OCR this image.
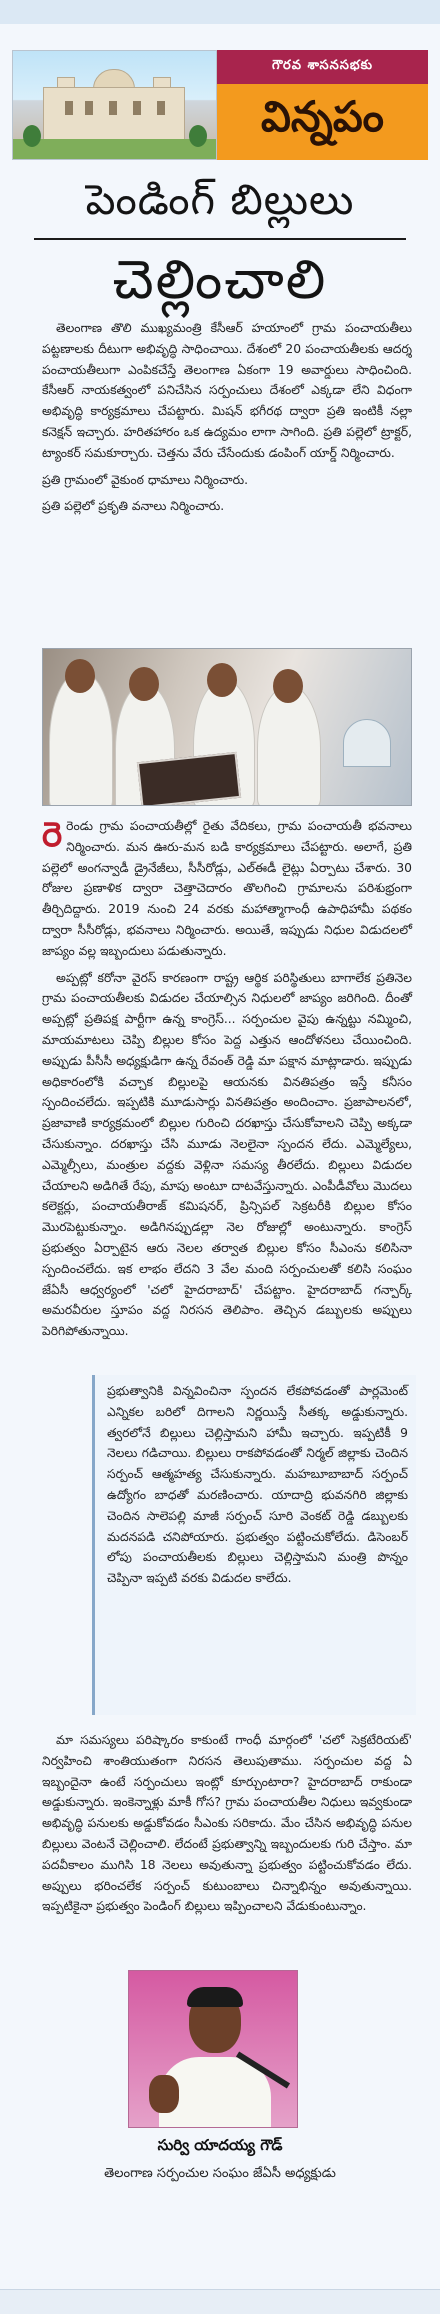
గౌరవ శాసనసభకు
విన్నపం
పెండింగ్ బిల్లులు
చెల్లించాలి

తెలంగాణ తొలి ముఖ్యమంత్రి కేసీఆర్ హయాంలో గ్రామ పంచాయతీలు పట్టణాలకు దీటుగా అభివృద్ధి సాధించాయి. దేశంలో 20 పంచాయతీలకు ఆదర్శ పంచాయతీలుగా ఎంపికచేస్తే తెలంగాణ ఏకంగా 19 అవార్డులు సాధించింది. కేసీఆర్ నాయకత్వంలో పనిచేసిన సర్పంచులు దేశంలో ఎక్కడా లేని విధంగా అభివృద్ధి కార్యక్రమాలు చేపట్టారు. మిషన్ భగీరథ ద్వారా ప్రతి ఇంటికీ నల్లా కనెక్షన్ ఇచ్చారు. హరితహారం ఒక ఉద్యమం లాగా సాగింది. ప్రతి పల్లెలో ట్రాక్టర్, ట్యాంకర్ సమకూర్చారు. చెత్తను వేరు చేసేందుకు డంపింగ్ యార్డ్ నిర్మించారు.

ప్రతి గ్రామంలో వైకుంఠ ధామాలు నిర్మించారు.

ప్రతి పల్లెలో ప్రకృతి వనాలు నిర్మించారు.

రెరెండు గ్రామ పంచాయతీల్లో రైతు వేదికలు, గ్రామ పంచాయతీ భవనాలు నిర్మించారు. మన ఊరు-మన బడి కార్యక్రమాలు చేపట్టారు. అలాగే, ప్రతి పల్లెలో అంగన్వాడీ డ్రైనేజీలు, సీసీరోడ్లు, ఎల్ఈడీ లైట్లు ఏర్పాటు చేశారు. 30 రోజుల ప్రణాళిక ద్వారా చెత్తాచెదారం తొలగించి గ్రామాలను పరిశుభ్రంగా తీర్చిదిద్దారు. 2019 నుంచి 24 వరకు మహాత్మాగాంధీ ఉపాధిహామీ పథకం ద్వారా సీసీరోడ్లు, భవనాలు నిర్మించారు. అయితే, ఇప్పుడు నిధుల విడుదలలో జాప్యం వల్ల ఇబ్బందులు పడుతున్నారు.

అప్పట్లో కరోనా వైరస్ కారణంగా రాష్ట్ర ఆర్థిక పరిస్థితులు బాగాలేక ప్రతినెల గ్రామ పంచాయతీలకు విడుదల చేయాల్సిన నిధులలో జాప్యం జరిగింది. దీంతో అప్పట్లో ప్రతిపక్ష పార్టీగా ఉన్న కాంగ్రెస్... సర్పంచుల వైపు ఉన్నట్టు నమ్మించి, మాయమాటలు చెప్పి బిల్లుల కోసం పెద్ద ఎత్తున ఆందోళనలు చేయించింది. అప్పుడు పీసీసీ అధ్యక్షుడిగా ఉన్న రేవంత్ రెడ్డి మా పక్షాన మాట్లాడారు. ఇప్పుడు అధికారంలోకి వచ్చాక బిల్లులపై ఆయనకు వినతిపత్రం ఇస్తే కనీసం స్పందించలేదు. ఇప్పటికి మూడుసార్లు వినతిపత్రం అందించాం. ప్రజాపాలనలో, ప్రజావాణి కార్యక్రమంలో బిల్లుల గురించి దరఖాస్తు చేసుకోవాలని చెప్పి అక్కడా చేసుకున్నాం. దరఖాస్తు చేసి మూడు నెలలైనా స్పందన లేదు. ఎమ్మెల్యేలు, ఎమ్మెల్సీలు, మంత్రుల వద్దకు వెళ్లినా సమస్య తీరలేదు. బిల్లులు విడుదల చేయాలని అడిగితే రేపు, మాపు అంటూ దాటవేస్తున్నారు. ఎంపీడీవోలు మొదలు కలెక్టర్లు, పంచాయతీరాజ్ కమిషనర్, ప్రిన్సిపల్ సెక్రటరీకి బిల్లుల కోసం మొరపెట్టుకున్నాం. అడిగినప్పుడల్లా నెల రోజుల్లో అంటున్నారు. కాంగ్రెస్ ప్రభుత్వం ఏర్పాటైన ఆరు నెలల తర్వాత బిల్లుల కోసం సీఎంను కలిసినా స్పందించలేదు. ఇక లాభం లేదని 3 వేల మంది సర్పంచులతో కలిసి సంఘం జేఏసీ ఆధ్వర్యంలో 'చలో హైదరాబాద్' చేపట్టాం. హైదరాబాద్ గన్పార్క్ అమరవీరుల స్తూపం వద్ద నిరసన తెలిపాం. తెచ్చిన డబ్బులకు అప్పులు పెరిగిపోతున్నాయి.

ప్రభుత్వానికి విన్నవించినా స్పందన లేకపోవడంతో పార్లమెంట్ ఎన్నికల బరిలో దిగాలని నిర్ణయిస్తే సీతక్క అడ్డుకున్నారు. త్వరలోనే బిల్లులు చెల్లిస్తామని హామీ ఇచ్చారు. ఇప్పటికీ 9 నెలలు గడిచాయి. బిల్లులు రాకపోవడంతో నిర్మల్ జిల్లాకు చెందిన సర్పంచ్ ఆత్మహత్య చేసుకున్నారు. మహబూబాబాద్ సర్పంచ్ ఉద్యోగం బాధతో మరణించారు. యాదాద్రి భువనగిరి జిల్లాకు చెందిన సాలెపల్లి మాజీ సర్పంచ్ సూరి వెంకట్ రెడ్డి డబ్బులకు మదనపడి చనిపోయారు. ప్రభుత్వం పట్టించుకోలేదు. డిసెంబర్ లోపు పంచాయతీలకు బిల్లులు చెల్లిస్తామని మంత్రి పొన్నం చెప్పినా ఇప్పటి వరకు విడుదల కాలేదు.

మా సమస్యలు పరిష్కారం కాకుంటే గాంధీ మార్గంలో 'చలో సెక్రటేరియట్' నిర్వహించి శాంతియుతంగా నిరసన తెలుపుతాము. సర్పంచుల వద్ద ఏ ఇబ్బందైనా ఉంటే సర్పంచులు ఇంట్లో కూర్చుంటారా? హైదరాబాద్ రాకుండా అడ్డుకున్నారు. ఇంకెన్నాళ్లు మాకీ గోస? గ్రామ పంచాయతీల నిధులు ఇవ్వకుండా అభివృద్ధి పనులకు అడ్డుకోవడం సీఎంకు సరికాదు. మేం చేసిన అభివృద్ధి పనుల బిల్లులు వెంటనే చెల్లించాలి. లేదంటే ప్రభుత్వాన్ని ఇబ్బందులకు గురి చేస్తాం. మా పదవీకాలం ముగిసి 18 నెలలు అవుతున్నా ప్రభుత్వం పట్టించుకోవడం లేదు. అప్పులు భరించలేక సర్పంచ్ కుటుంబాలు చిన్నాభిన్నం అవుతున్నాయి. ఇప్పటికైనా ప్రభుత్వం పెండింగ్ బిల్లులు ఇప్పించాలని వేడుకుంటున్నాం.

సుర్వి యాదయ్య గౌడ్
తెలంగాణ సర్పంచుల సంఘం జేఏసీ అధ్యక్షుడు
